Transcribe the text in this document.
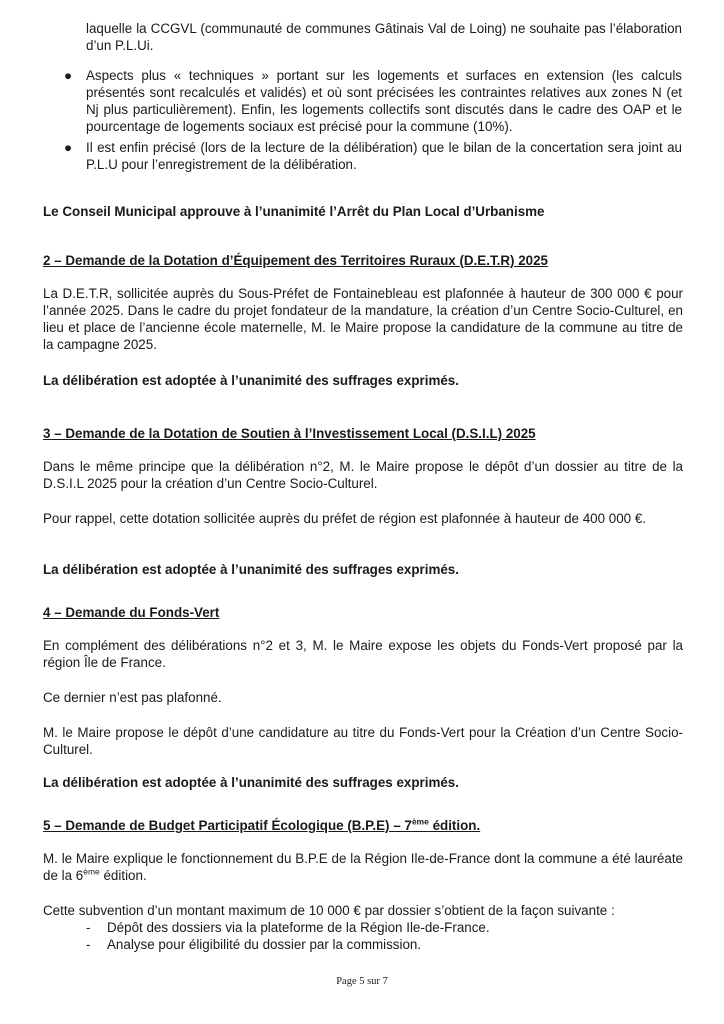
laquelle la CCGVL (communauté de communes Gâtinais Val de Loing) ne souhaite pas l’élaboration d’un P.L.Ui.

● Aspects plus « techniques » portant sur les logements et surfaces en extension (les calculs présentés sont recalculés et validés) et où sont précisées les contraintes relatives aux zones N (et Nj plus particulièrement). Enfin, les logements collectifs sont discutés dans le cadre des OAP et le pourcentage de logements sociaux est précisé pour la commune (10%).

● Il est enfin précisé (lors de la lecture de la délibération) que le bilan de la concertation sera joint au P.L.U pour l’enregistrement de la délibération.

Le Conseil Municipal approuve à l’unanimité l’Arrêt du Plan Local d’Urbanisme

2 – Demande de la Dotation d’Équipement des Territoires Ruraux (D.E.T.R) 2025

La D.E.T.R, sollicitée auprès du Sous-Préfet de Fontainebleau est plafonnée à hauteur de 300 000 € pour l’année 2025. Dans le cadre du projet fondateur de la mandature, la création d’un Centre Socio-Culturel, en lieu et place de l’ancienne école maternelle, M. le Maire propose la candidature de la commune au titre de la campagne 2025.

La délibération est adoptée à l’unanimité des suffrages exprimés.

3 – Demande de la Dotation de Soutien à l’Investissement Local (D.S.I.L) 2025

Dans le même principe que la délibération n°2, M. le Maire propose le dépôt d’un dossier au titre de la D.S.I.L 2025 pour la création d’un Centre Socio-Culturel.

Pour rappel, cette dotation sollicitée auprès du préfet de région est plafonnée à hauteur de 400 000 €.

La délibération est adoptée à l’unanimité des suffrages exprimés.

4 – Demande du Fonds-Vert

En complément des délibérations n°2 et 3, M. le Maire expose les objets du Fonds-Vert proposé par la région Île de France.

Ce dernier n’est pas plafonné.

M. le Maire propose le dépôt d’une candidature au titre du Fonds-Vert pour la Création d’un Centre Socio-Culturel.

La délibération est adoptée à l’unanimité des suffrages exprimés.

5 – Demande de Budget Participatif Écologique (B.P.E) – 7ème édition.

M. le Maire explique le fonctionnement du B.P.E de la Région Ile-de-France dont la commune a été lauréate de la 6ème édition.

Cette subvention d’un montant maximum de 10 000 € par dossier s’obtient de la façon suivante :

- Dépôt des dossiers via la plateforme de la Région Ile-de-France.
- Analyse pour éligibilité du dossier par la commission.
Page 5 sur 7
